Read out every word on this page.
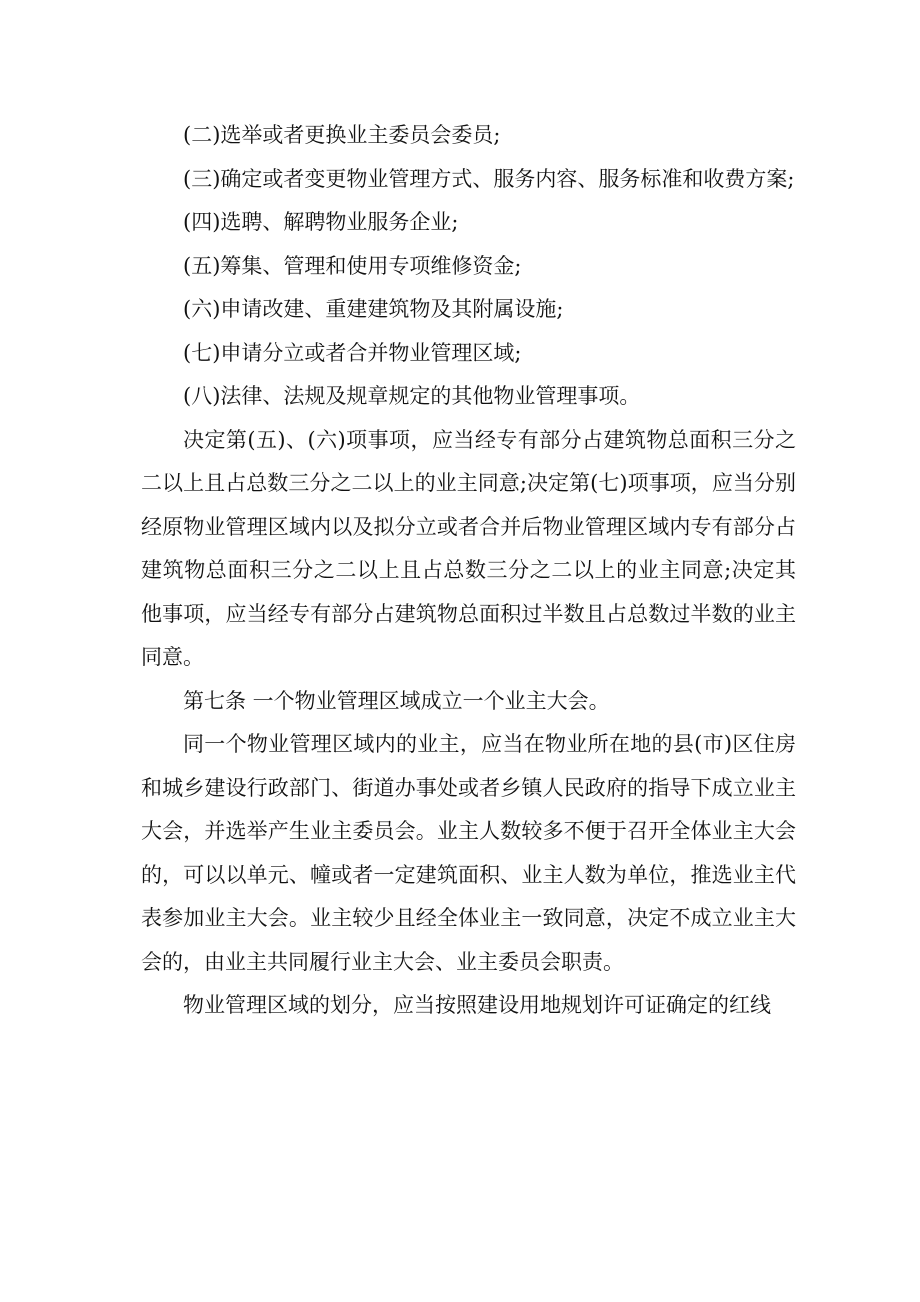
(二)选举或者更换业主委员会委员;

(三)确定或者变更物业管理方式、服务内容、服务标准和收费方案;

(四)选聘、解聘物业服务企业;

(五)筹集、管理和使用专项维修资金;

(六)申请改建、重建建筑物及其附属设施;

(七)申请分立或者合并物业管理区域;

(八)法律、法规及规章规定的其他物业管理事项。

决定第(五)、(六)项事项，应当经专有部分占建筑物总面积三分之二以上且占总数三分之二以上的业主同意;决定第(七)项事项，应当分别经原物业管理区域内以及拟分立或者合并后物业管理区域内专有部分占建筑物总面积三分之二以上且占总数三分之二以上的业主同意;决定其他事项，应当经专有部分占建筑物总面积过半数且占总数过半数的业主同意。

第七条 一个物业管理区域成立一个业主大会。

同一个物业管理区域内的业主，应当在物业所在地的县(市)区住房和城乡建设行政部门、街道办事处或者乡镇人民政府的指导下成立业主大会，并选举产生业主委员会。业主人数较多不便于召开全体业主大会的，可以以单元、幢或者一定建筑面积、业主人数为单位，推选业主代表参加业主大会。业主较少且经全体业主一致同意，决定不成立业主大会的，由业主共同履行业主大会、业主委员会职责。

物业管理区域的划分，应当按照建设用地规划许可证确定的红线
